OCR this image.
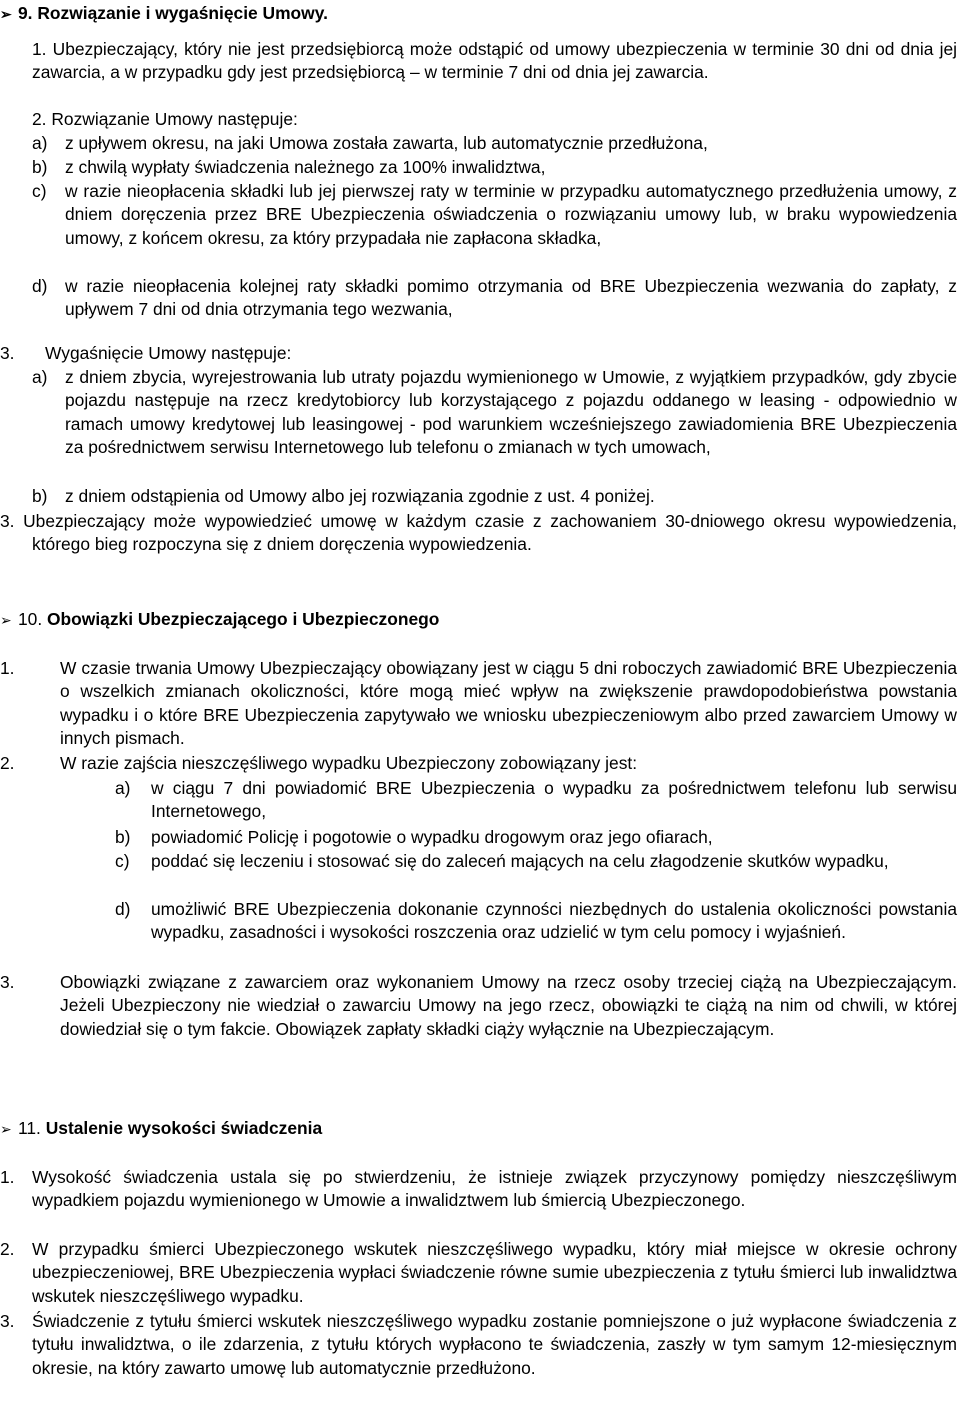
➢ 9. Rozwiązanie i wygaśnięcie Umowy.
1. Ubezpieczający, który nie jest przedsiębiorcą może odstąpić od umowy ubezpieczenia w terminie 30 dni od dnia jej zawarcia, a w przypadku gdy jest przedsiębiorcą – w terminie 7 dni od dnia jej zawarcia.
2. Rozwiązanie Umowy następuje:
a) z upływem okresu, na jaki Umowa została zawarta, lub automatycznie przedłużona,
b) z chwilą wypłaty świadczenia należnego za 100% inwalidztwa,
c) w razie nieopłacenia składki lub jej pierwszej raty w terminie w przypadku automatycznego przedłużenia umowy, z dniem doręczenia przez BRE Ubezpieczenia oświadczenia o rozwiązaniu umowy lub, w braku wypowiedzenia umowy, z końcem okresu, za który przypadała nie zapłacona składka,
d) w razie nieopłacenia kolejnej raty składki pomimo otrzymania od BRE Ubezpieczenia wezwania do zapłaty, z upływem 7 dni od dnia otrzymania tego wezwania,
3. Wygaśnięcie Umowy następuje:
a) z dniem zbycia, wyrejestrowania lub utraty pojazdu wymienionego w Umowie, z wyjątkiem przypadków, gdy zbycie pojazdu następuje na rzecz kredytobiorcy lub korzystającego z pojazdu oddanego w leasing - odpowiednio w ramach umowy kredytowej lub leasingowej - pod warunkiem wcześniejszego zawiadomienia BRE Ubezpieczenia za pośrednictwem serwisu Internetowego lub telefonu o zmianach w tych umowach,
b) z dniem odstąpienia od Umowy albo jej rozwiązania zgodnie z ust. 4 poniżej.
3. Ubezpieczający może wypowiedzieć umowę w każdym czasie z zachowaniem 30-dniowego okresu wypowiedzenia, którego bieg rozpoczyna się z dniem doręczenia wypowiedzenia.
➢ 10. Obowiązki Ubezpieczającego i Ubezpieczonego
1.	W czasie trwania Umowy Ubezpieczający obowiązany jest w ciągu 5 dni roboczych zawiadomić BRE Ubezpieczenia o wszelkich zmianach okoliczności, które mogą mieć wpływ na zwiększenie prawdopodobieństwa powstania wypadku i o które BRE Ubezpieczenia zapytywało we wniosku ubezpieczeniowym albo przed zawarciem Umowy w innych pismach.
2.	W razie zajścia nieszczęśliwego wypadku Ubezpieczony zobowiązany jest:
a) w ciągu 7 dni powiadomić BRE Ubezpieczenia o wypadku za pośrednictwem telefonu lub serwisu Internetowego,
b) powiadomić Policję i pogotowie o wypadku drogowym oraz jego ofiarach,
c) poddać się leczeniu i stosować się do zaleceń mających na celu złagodzenie skutków wypadku,
d) umożliwić BRE Ubezpieczenia dokonanie czynności niezbędnych do ustalenia okoliczności powstania wypadku, zasadności i wysokości roszczenia oraz udzielić w tym celu pomocy i wyjaśnień.
3.	Obowiązki związane z zawarciem oraz wykonaniem Umowy na rzecz osoby trzeciej ciążą na Ubezpieczającym. Jeżeli Ubezpieczony nie wiedział o zawarciu Umowy na jego rzecz, obowiązki te ciążą na nim od chwili, w której dowiedział się o tym fakcie. Obowiązek zapłaty składki ciąży wyłącznie na Ubezpieczającym.
➢ 11. Ustalenie wysokości świadczenia
1. Wysokość świadczenia ustala się po stwierdzeniu, że istnieje związek przyczynowy pomiędzy nieszczęśliwym wypadkiem pojazdu wymienionego w Umowie a inwalidztwem lub śmiercią Ubezpieczonego.
2. W przypadku śmierci Ubezpieczonego wskutek nieszczęśliwego wypadku, który miał miejsce w okresie ochrony ubezpieczeniowej, BRE Ubezpieczenia wypłaci świadczenie równe sumie ubezpieczenia z tytułu śmierci lub inwalidztwa wskutek nieszczęśliwego wypadku.
3. Świadczenie z tytułu śmierci wskutek nieszczęśliwego wypadku zostanie pomniejszone o już wypłacone świadczenia z tytułu inwalidztwa, o ile zdarzenia, z tytułu których wypłacono te świadczenia, zaszły w tym samym 12-miesięcznym okresie, na który zawarto umowę lub automatycznie przedłużono.
